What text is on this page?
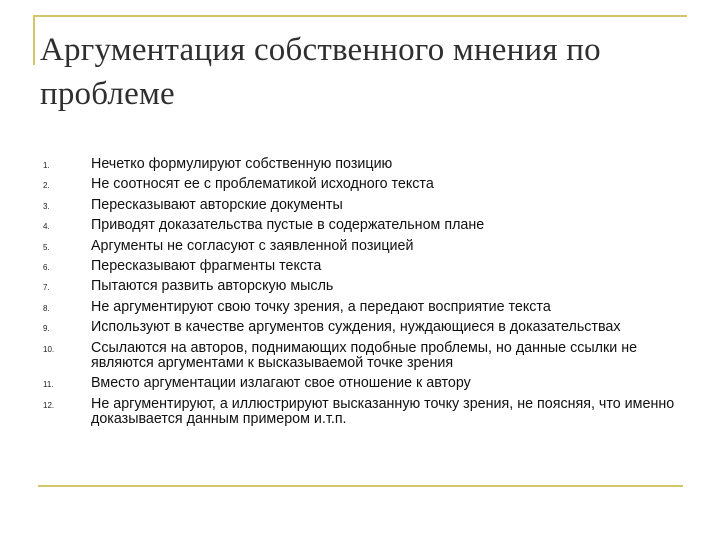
Аргументация собственного мнения по проблеме
1.	Нечетко формулируют собственную позицию
2.	Не соотносят ее с проблематикой исходного текста
3.	Пересказывают авторские документы
4.	Приводят доказательства пустые в содержательном плане
5.	Аргументы не согласуют с заявленной позицией
6.	Пересказывают фрагменты текста
7.	Пытаются развить авторскую мысль
8.	Не аргументируют свою точку зрения, а передают восприятие текста
9.	Используют в качестве аргументов суждения, нуждающиеся в доказательствах
10.	Ссылаются на авторов, поднимающих подобные проблемы, но данные ссылки не являются аргументами к высказываемой точке зрения
11.	Вместо аргументации излагают свое отношение к автору
12.	Не аргументируют, а иллюстрируют высказанную точку зрения, не поясняя, что именно доказывается данным примером и.т.п.
